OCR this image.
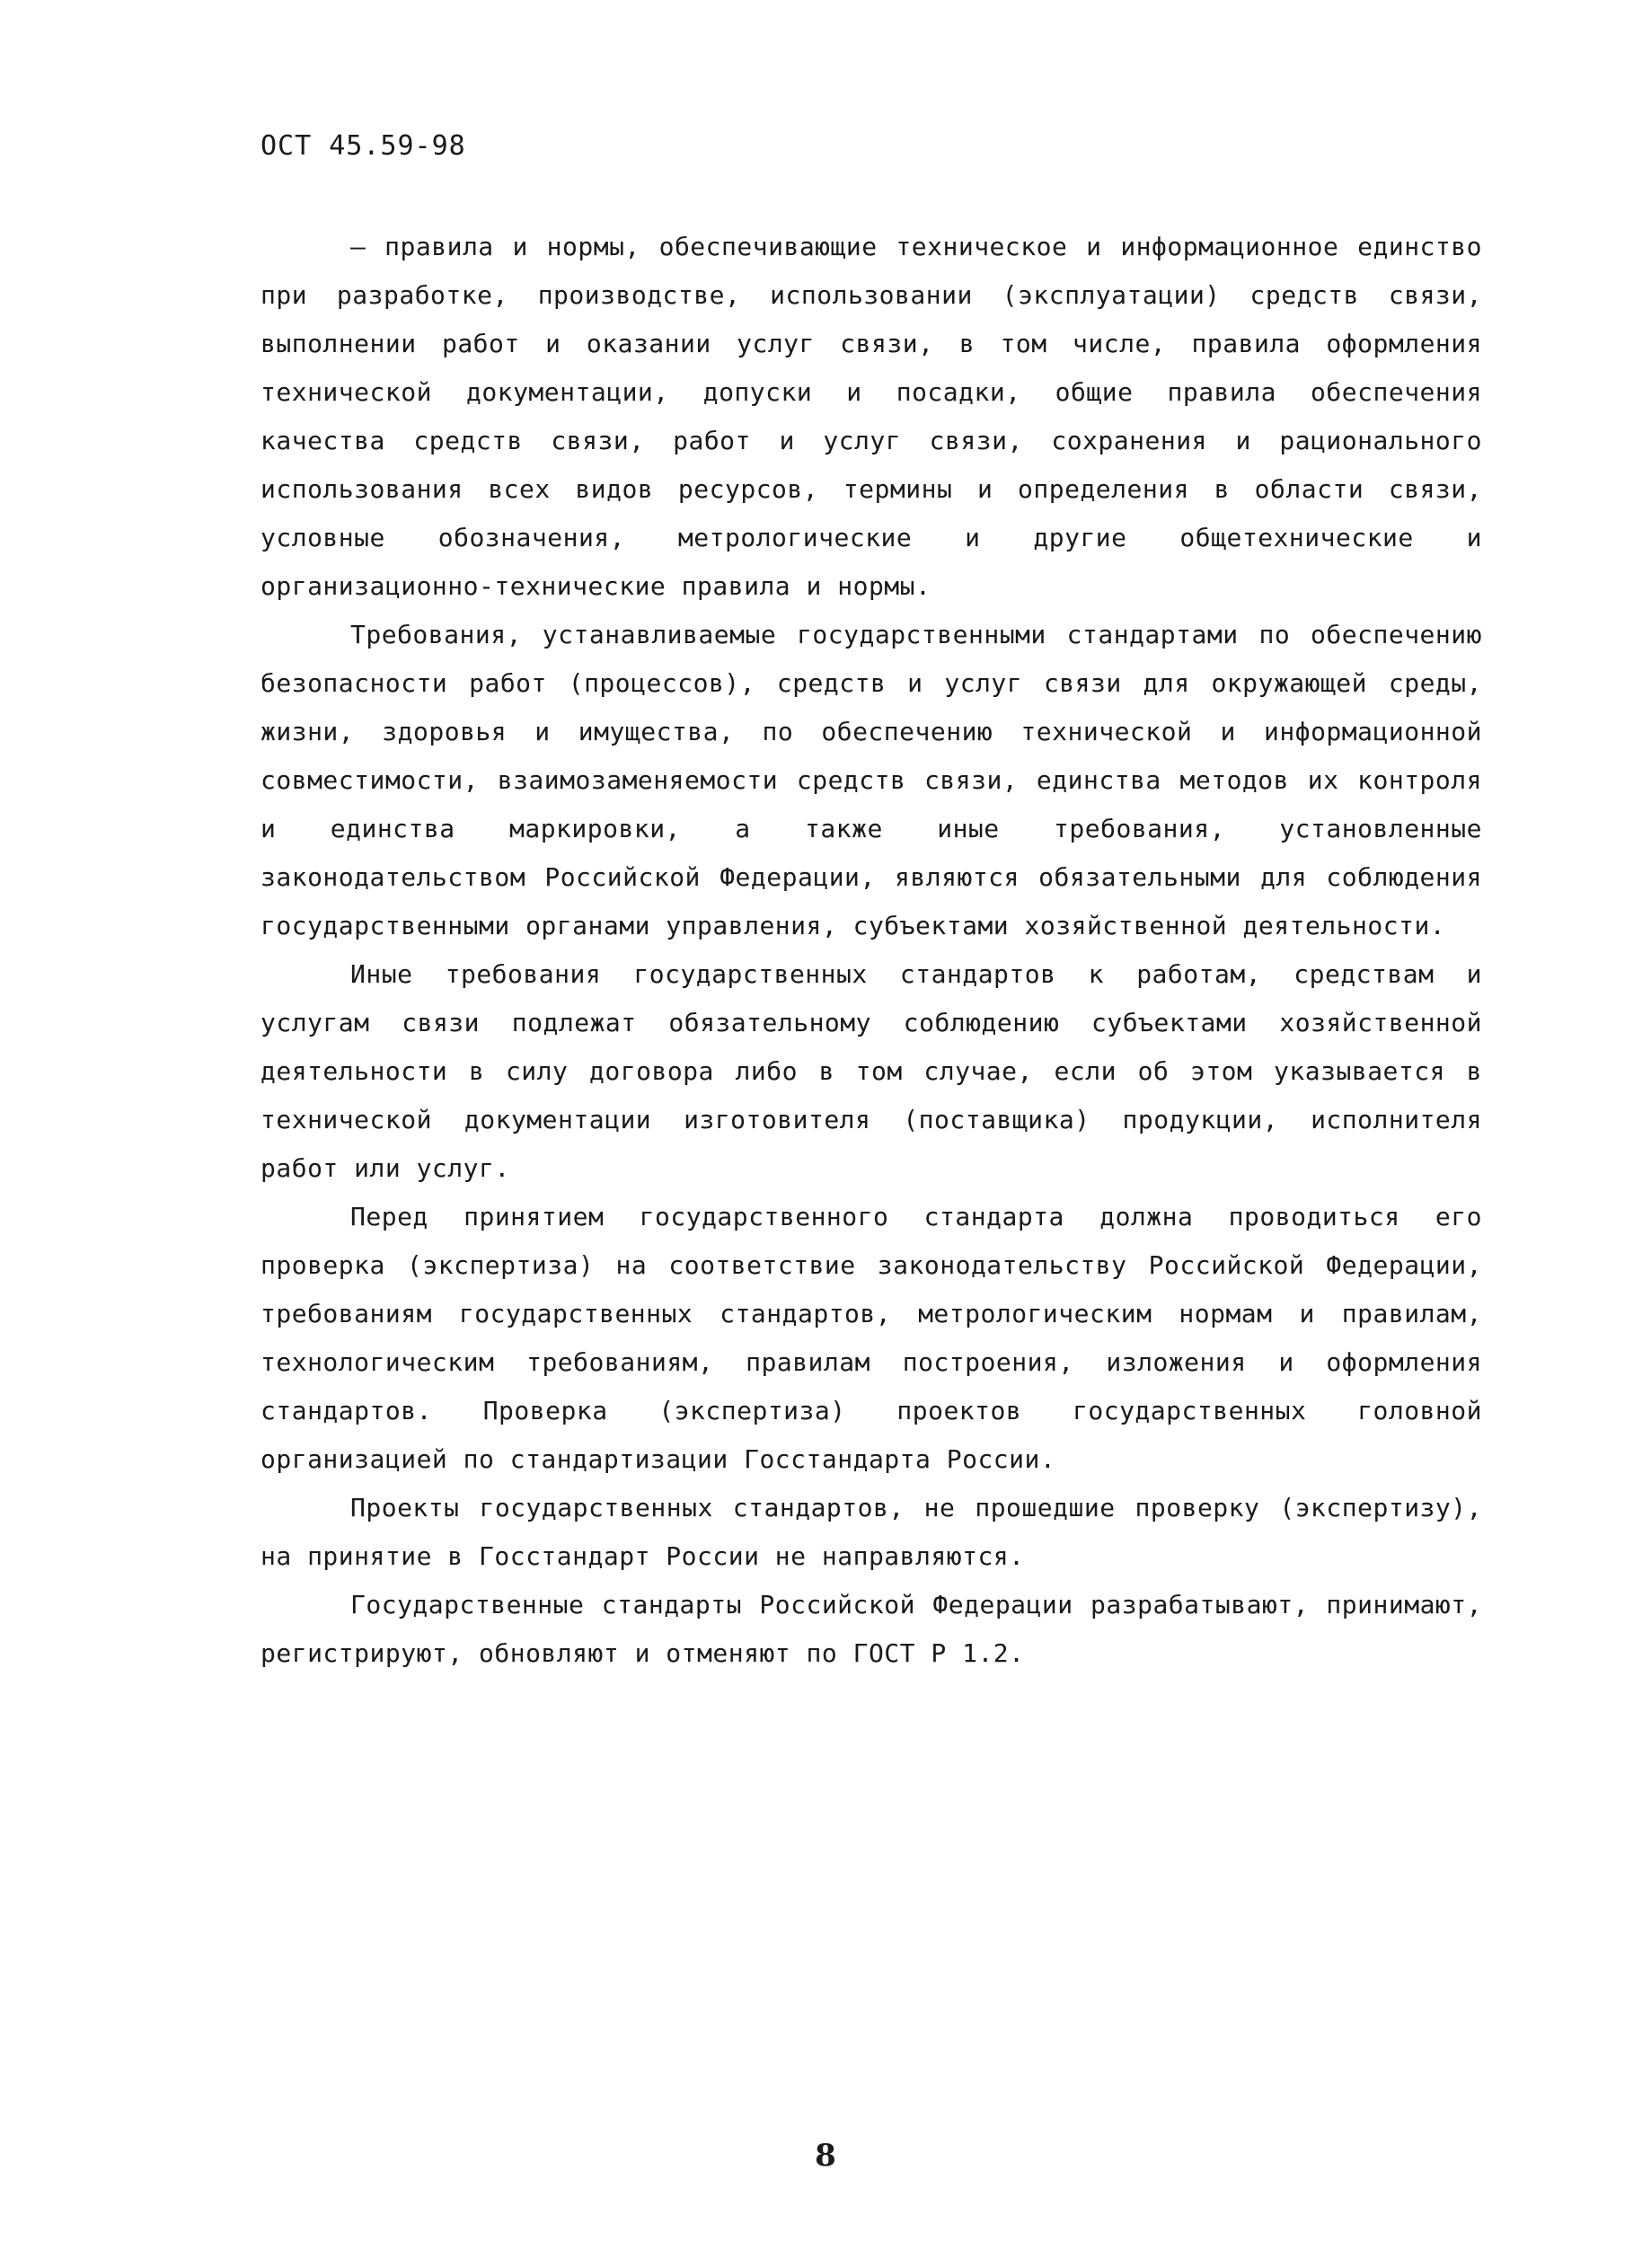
ОСТ 45.59-98

– правила и нормы, обеспечивающие техническое и информационное единство при разработке, производстве, использовании (эксплуатации) средств связи, выполнении работ и оказании услуг связи, в том числе, правила оформления технической документации, допуски и посадки, общие правила обеспечения качества средств связи, работ и услуг связи, сохранения и рационального использования всех видов ресурсов, термины и определения в области связи, условные обозначения, метрологические и другие общетехнические и организационно-технические правила и нормы.

Требования, устанавливаемые государственными стандартами по обеспечению безопасности работ (процессов), средств и услуг связи для окружающей среды, жизни, здоровья и имущества, по обеспечению технической и информационной совместимости, взаимозаменяемости средств связи, единства методов их контроля и единства маркировки, а также иные требования, установленные законодательством Российской Федерации, являются обязательными для соблюдения государственными органами управления, субъектами хозяйственной деятельности.

Иные требования государственных стандартов к работам, средствам и услугам связи подлежат обязательному соблюдению субъектами хозяйственной деятельности в силу договора либо в том случае, если об этом указывается в технической документации изготовителя (поставщика) продукции, исполнителя работ или услуг.

Перед принятием государственного стандарта должна проводиться его проверка (экспертиза) на соответствие законодательству Российской Федерации, требованиям государственных стандартов, метрологическим нормам и правилам, технологическим требованиям, правилам построения, изложения и оформления стандартов. Проверка (экспертиза) проектов государственных головной организацией по стандартизации Госстандарта России.

Проекты государственных стандартов, не прошедшие проверку (экспертизу), на принятие в Госстандарт России не направляются.

Государственные стандарты Российской Федерации разрабатывают, принимают, регистрируют, обновляют и отменяют по ГОСТ Р 1.2.

8
